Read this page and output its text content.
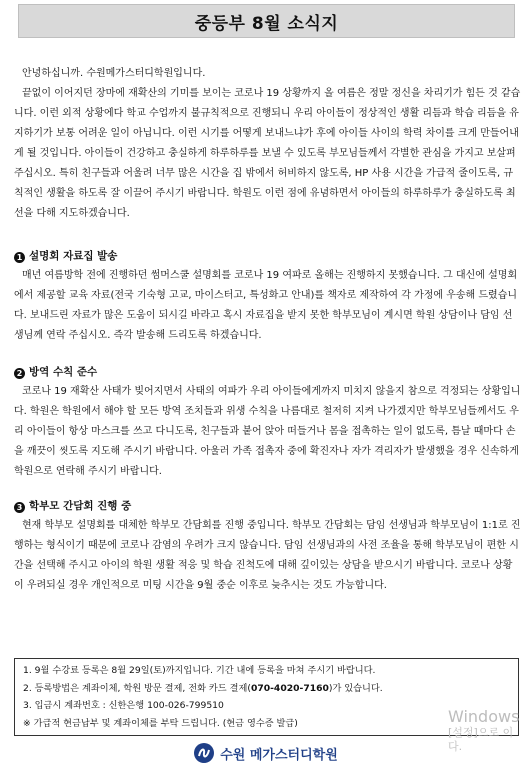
중등부 8월 소식지

안녕하십니까. 수원메가스터디학원입니다.

끝없이 이어지던 장마에 재확산의 기미를 보이는 코로나 19 상황까지 올 여름은 정말 정신을 차리기가 힘든 것 같습니다. 이런 외적 상황에다 학교 수업까지 불규칙적으로 진행되니 우리 아이들이 정상적인 생활 리듬과 학습 리듬을 유지하기가 보통 어려운 일이 아닙니다. 이런 시기를 어떻게 보내느냐가 후에 아이들 사이의 학력 차이를 크게 만들어내게 될 것입니다. 아이들이 건강하고 충실하게 하루하루를 보낼 수 있도록 부모님들께서 각별한 관심을 가지고 보살펴 주십시오. 특히 친구들과 어울려 너무 많은 시간을 집 밖에서 허비하지 않도록, HP 사용 시간을 가급적 줄이도록, 규칙적인 생활을 하도록 잘 이끌어 주시기 바랍니다. 학원도 이런 점에 유념하면서 아이들의 하루하루가 충실하도록 최선을 다해 지도하겠습니다.

1 설명회 자료집 발송

매년 여름방학 전에 진행하던 썸머스쿨 설명회를 코로나 19 여파로 올해는 진행하지 못했습니다. 그 대신에 설명회에서 제공할 교육 자료(전국 기숙형 고교, 마이스터고, 특성화고 안내)를 책자로 제작하여 각 가정에 우송해 드렸습니다. 보내드린 자료가 많은 도움이 되시길 바라고 혹시 자료집을 받지 못한 학부모님이 계시면 학원 상담이나 담임 선생님께 연락 주십시오. 즉각 발송해 드리도록 하겠습니다.

2 방역 수칙 준수

코로나 19 재확산 사태가 빚어지면서 사태의 여파가 우리 아이들에게까지 미치지 않을지 참으로 걱정되는 상황입니다. 학원은 학원에서 해야 할 모든 방역 조치들과 위생 수칙을 나름대로 철저히 지켜 나가겠지만 학부모님들께서도 우리 아이들이 항상 마스크를 쓰고 다니도록, 친구들과 붙어 앉아 떠들거나 몸을 접촉하는 일이 없도록, 틈날 때마다 손을 깨끗이 씻도록 지도해 주시기 바랍니다. 아울러 가족 접촉자 중에 확진자나 자가 격리자가 발생했을 경우 신속하게 학원으로 연락해 주시기 바랍니다.

3 학부모 간담회 진행 중

현재 학부모 설명회를 대체한 학부모 간담회를 진행 중입니다. 학부모 간담회는 담임 선생님과 학부모님이 1:1로 진행하는 형식이기 때문에 코로나 감염의 우려가 크지 않습니다. 담임 선생님과의 사전 조율을 통해 학부모님이 편한 시간을 선택해 주시고 아이의 학원 생활 적응 및 학습 진척도에 대해 깊이있는 상담을 받으시기 바랍니다. 코로나 상황이 우려되실 경우 개인적으로 미팅 시간을 9월 중순 이후로 늦추시는 것도 가능합니다.

1. 9월 수강료 등록은 8월 29일(토)까지입니다. 기간 내에 등록을 마쳐 주시기 바랍니다.
2. 등록방법은 계좌이체, 학원 방문 결제, 전화 카드 결제(070-4020-7160)가 있습니다.
3. 입금시 계좌번호 : 신한은행 100-026-799510
※ 가급적 현금납부 및 계좌이체를 부탁 드립니다. (현금 영수증 발급)
수원 메가스터디학원
Windows
[설정]으로 이
다.
